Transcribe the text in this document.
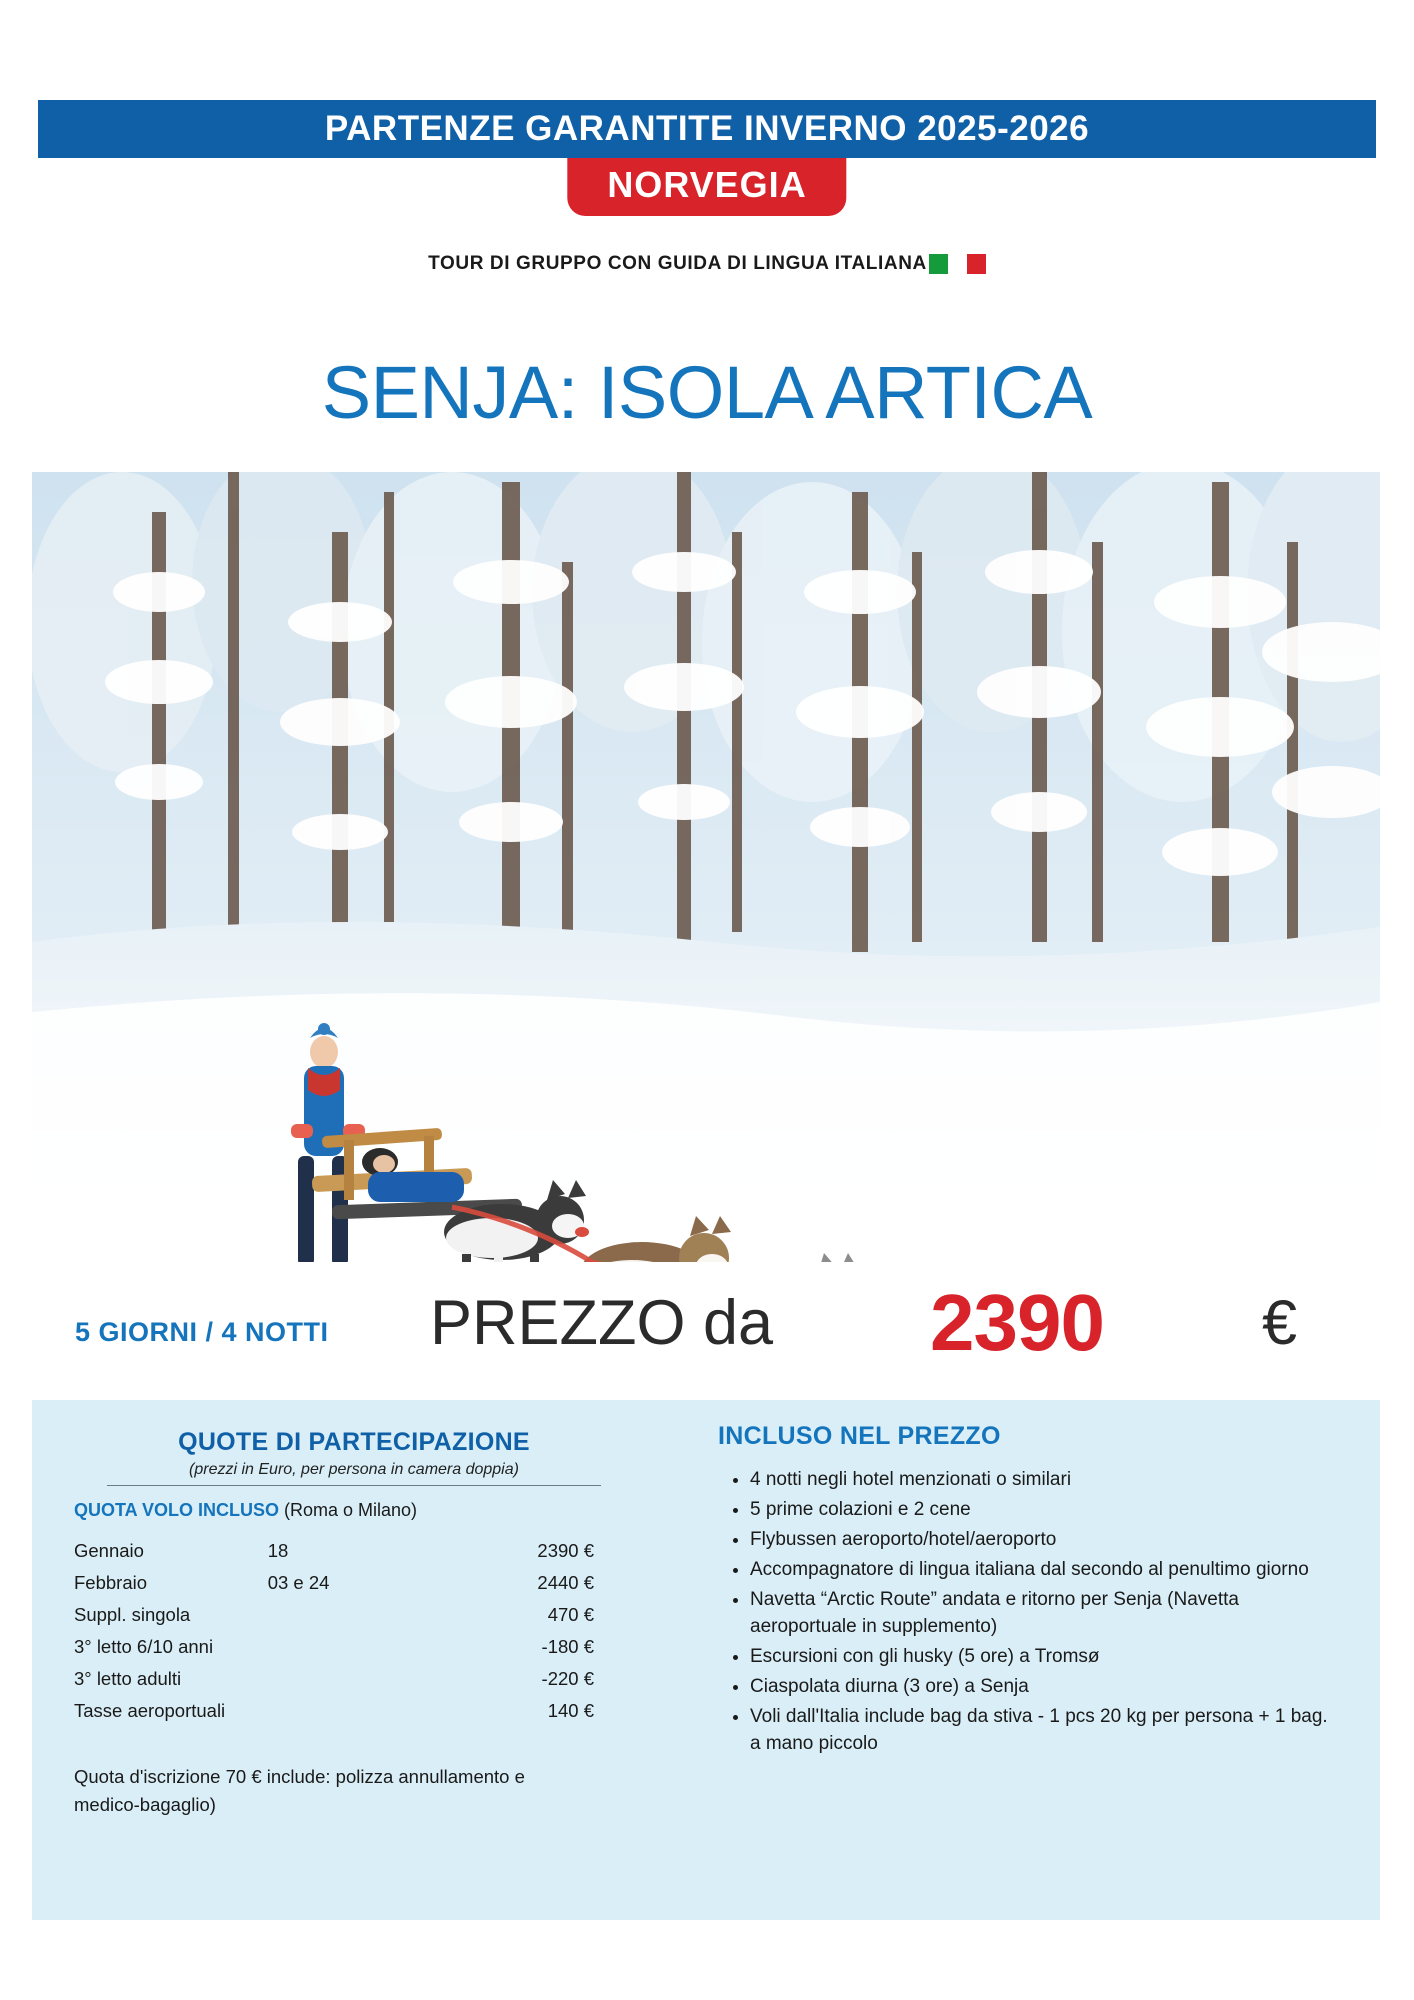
PARTENZE GARANTITE INVERNO 2025-2026
NORVEGIA
TOUR DI GRUPPO CON GUIDA DI LINGUA ITALIANA
SENJA: ISOLA ARTICA
5 GIORNI / 4 NOTTI PREZZO da 2390	€
QUOTE DI PARTECIPAZIONE
(prezzi in Euro, per persona in camera doppia)
QUOTA VOLO INCLUSO (Roma o Milano)
Gennaio	18	2390 €
Febbraio	03 e 24	2440 €
Suppl. singola		470 €
3° letto 6/10 anni		-180 €
3° letto adulti		-220 €
Tasse aeroportuali		140 €
Quota d'iscrizione 70 € include: polizza annullamento e medico-bagaglio)
INCLUSO NEL PREZZO
• 4 notti negli hotel menzionati o similari
• 5 prime colazioni e 2 cene
• Flybussen aeroporto/hotel/aeroporto
• Accompagnatore di lingua italiana dal secondo al penultimo giorno
• Navetta “Arctic Route” andata e ritorno per Senja (Navetta aeroportuale in supplemento)
• Escursioni con gli husky (5 ore) a Tromsø
• Ciaspolata diurna (3 ore) a Senja
• Voli dall'Italia include bag da stiva - 1 pcs 20 kg per persona + 1 bag. a mano piccolo
